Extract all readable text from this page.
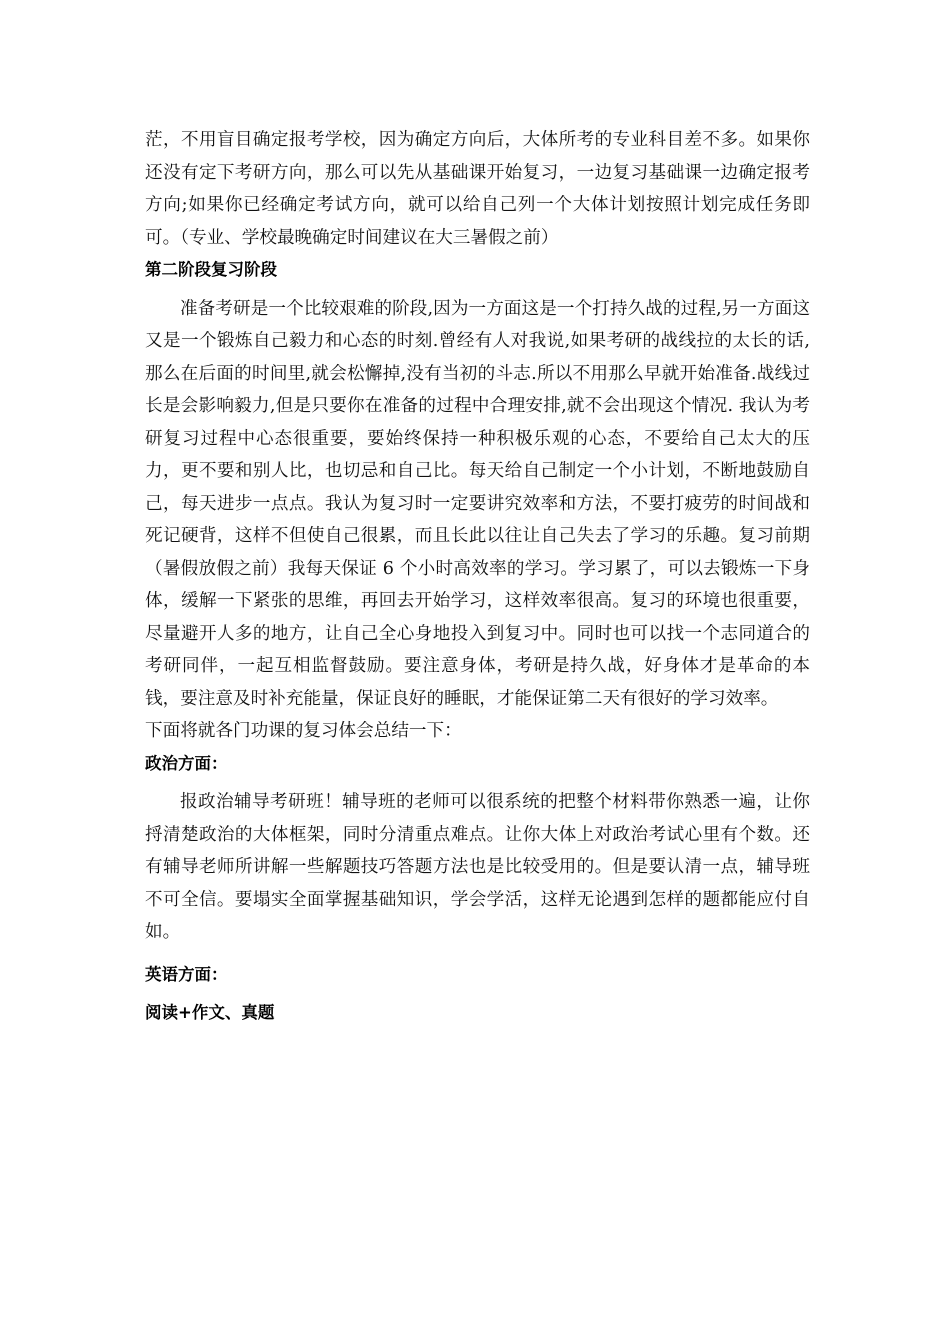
茫，不用盲目确定报考学校，因为确定方向后，大体所考的专业科目差不多。如果你还没有定下考研方向，那么可以先从基础课开始复习，一边复习基础课一边确定报考方向;如果你已经确定考试方向，就可以给自己列一个大体计划按照计划完成任务即可。（专业、学校最晚确定时间建议在大三暑假之前）

第二阶段复习阶段

准备考研是一个比较艰难的阶段,因为一方面这是一个打持久战的过程,另一方面这又是一个锻炼自己毅力和心态的时刻.曾经有人对我说,如果考研的战线拉的太长的话,那么在后面的时间里,就会松懈掉,没有当初的斗志.所以不用那么早就开始准备.战线过长是会影响毅力,但是只要你在准备的过程中合理安排,就不会出现这个情况. 我认为考研复习过程中心态很重要，要始终保持一种积极乐观的心态，不要给自己太大的压力，更不要和别人比，也切忌和自己比。每天给自己制定一个小计划，不断地鼓励自己，每天进步一点点。我认为复习时一定要讲究效率和方法，不要打疲劳的时间战和死记硬背，这样不但使自己很累，而且长此以往让自己失去了学习的乐趣。复习前期（暑假放假之前）我每天保证 6 个小时高效率的学习。学习累了，可以去锻炼一下身体，缓解一下紧张的思维，再回去开始学习，这样效率很高。复习的环境也很重要，尽量避开人多的地方，让自己全心身地投入到复习中。同时也可以找一个志同道合的考研同伴，一起互相监督鼓励。要注意身体，考研是持久战，好身体才是革命的本钱，要注意及时补充能量，保证良好的睡眠，才能保证第二天有很好的学习效率。

下面将就各门功课的复习体会总结一下：

政治方面：

报政治辅导考研班！辅导班的老师可以很系统的把整个材料带你熟悉一遍，让你捋清楚政治的大体框架，同时分清重点难点。让你大体上对政治考试心里有个数。还有辅导老师所讲解一些解题技巧答题方法也是比较受用的。但是要认清一点，辅导班不可全信。要塌实全面掌握基础知识，学会学活，这样无论遇到怎样的题都能应付自如。

英语方面：

阅读+作文、真题
